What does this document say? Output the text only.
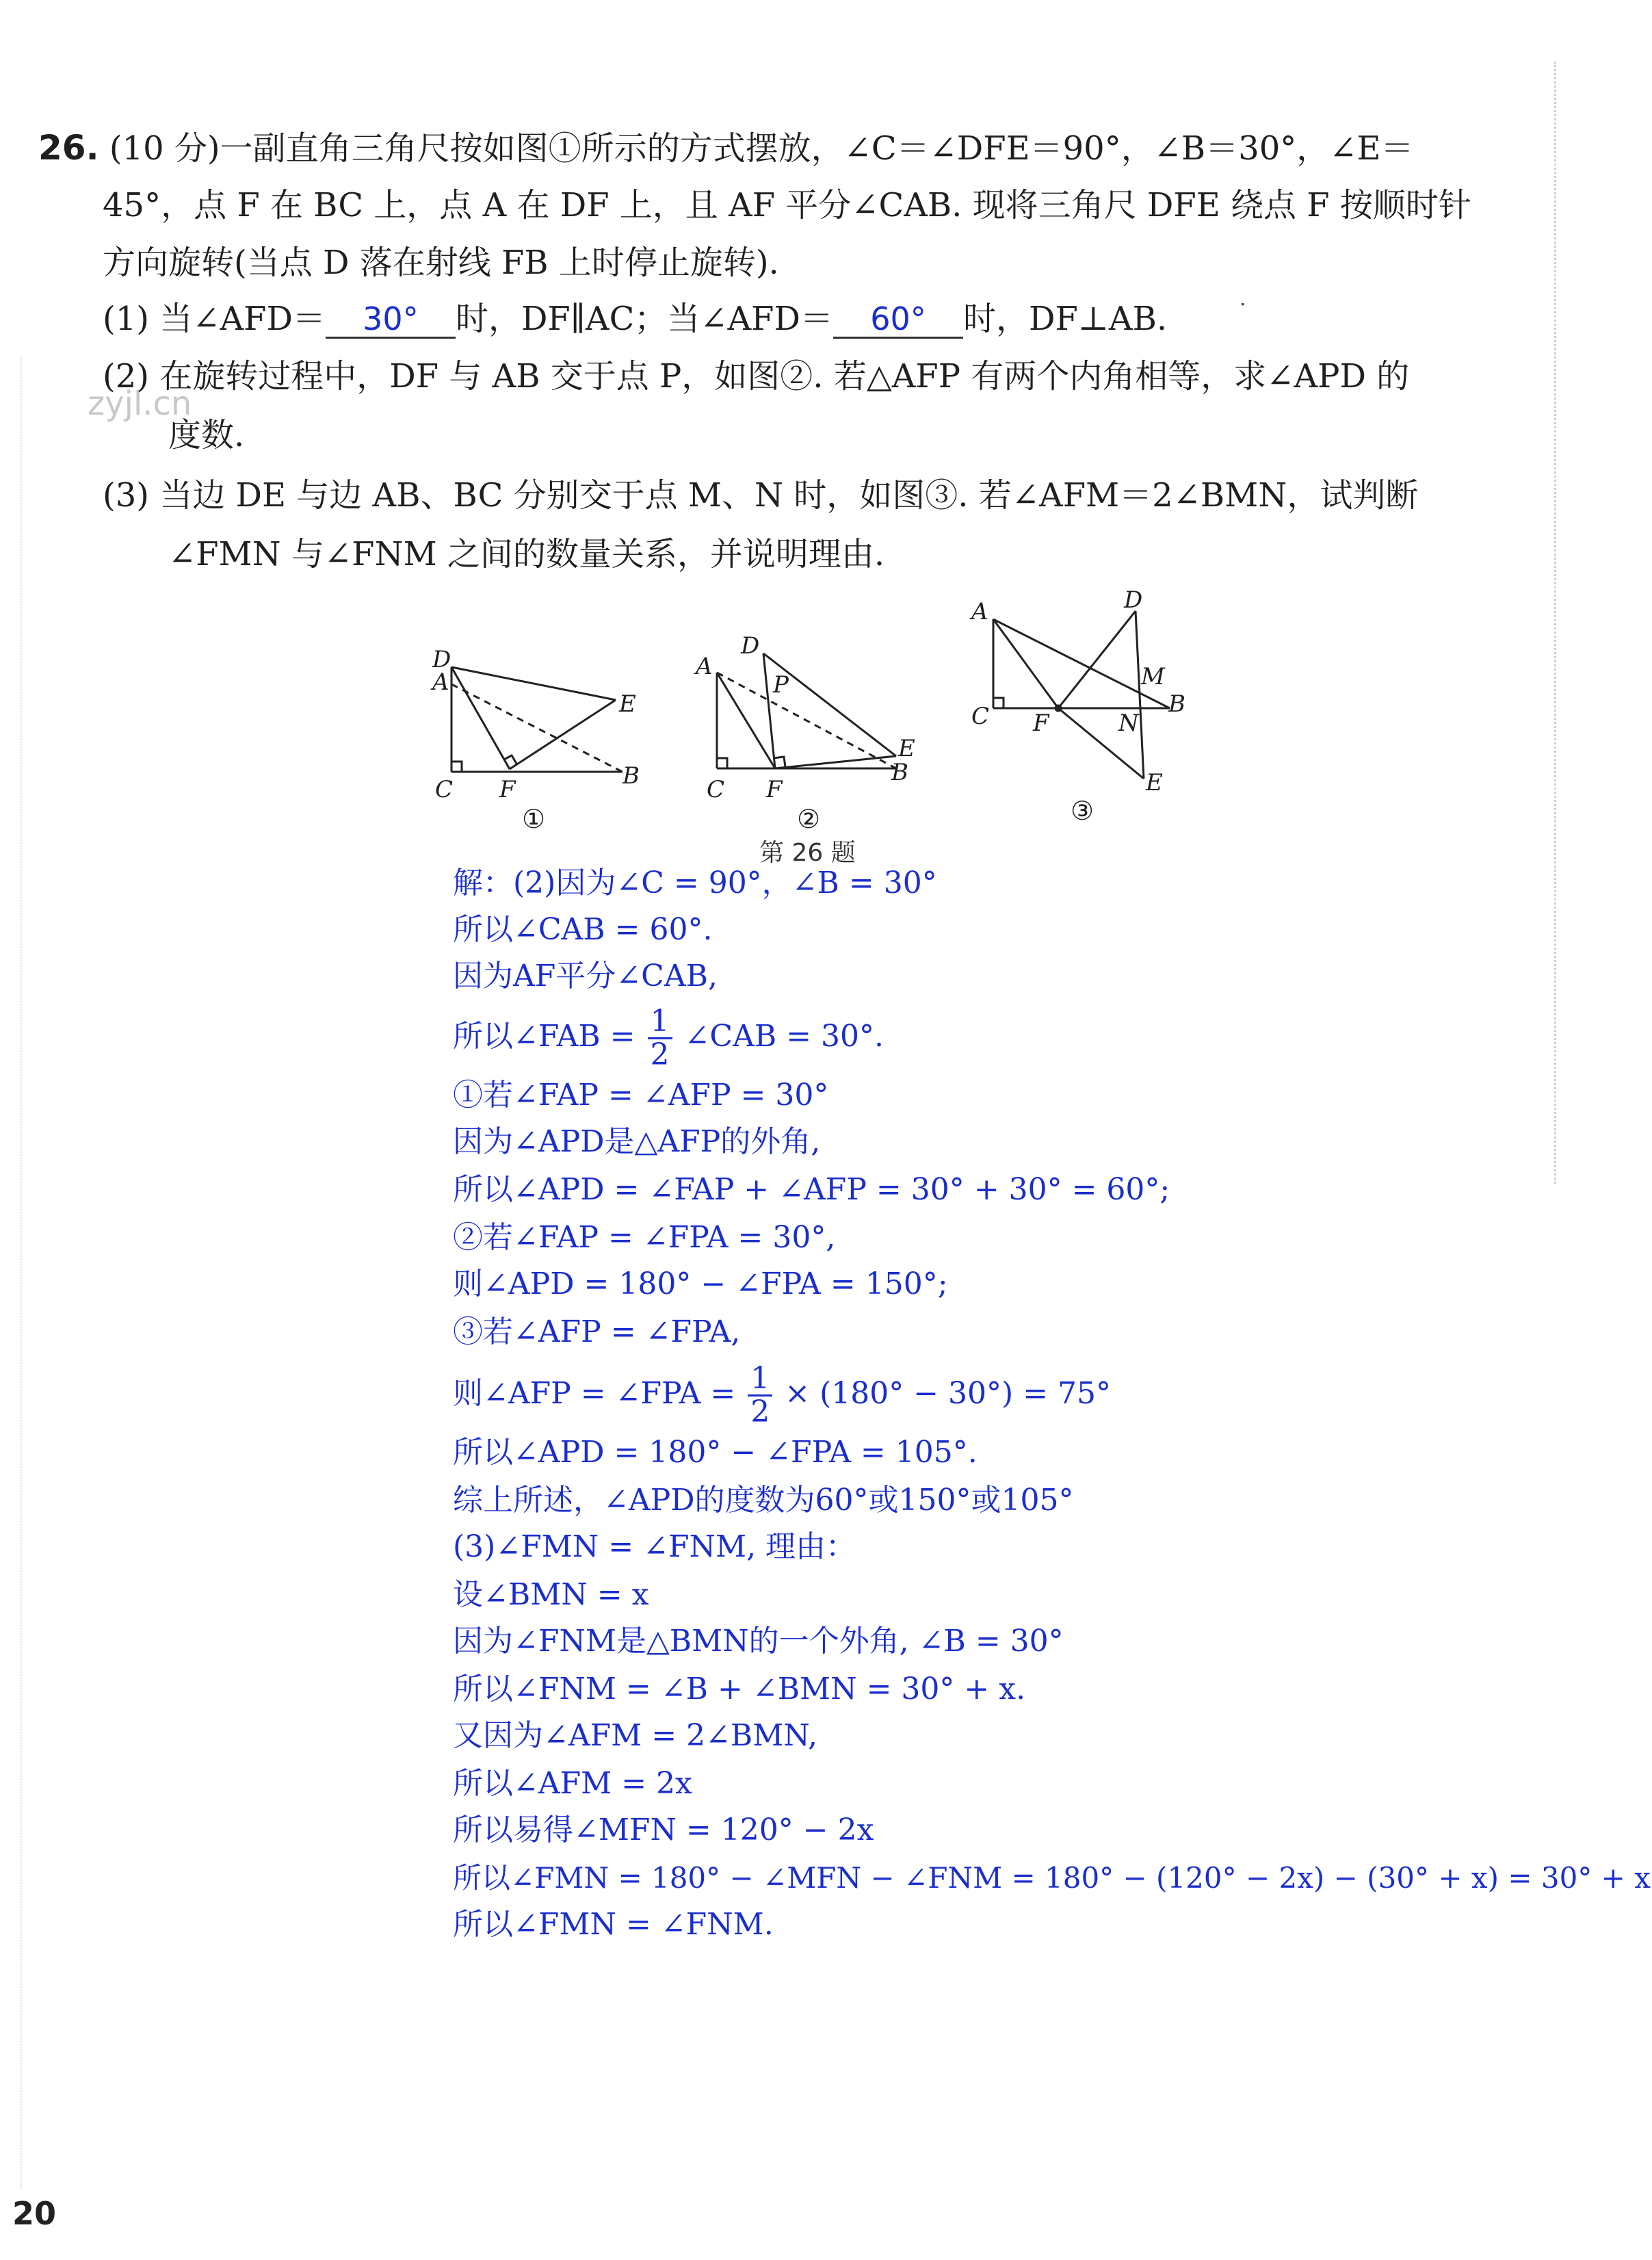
·
26. (10 分)一副直角三角尺按如图①所示的方式摆放，∠C＝∠DFE＝90°，∠B＝30°，∠E＝
45°，点 F 在 BC 上，点 A 在 DF 上，且 AF 平分∠CAB. 现将三角尺 DFE 绕点 F 按顺时针
方向旋转(当点 D 落在射线 FB 上时停止旋转).
(1) 当∠AFD＝ 30° 时，DF∥AC；当∠AFD＝ 60° 时，DF⊥AB.
zyjl.cn
(2) 在旋转过程中，DF 与 AB 交于点 P，如图②. 若△AFP 有两个内角相等，求∠APD 的
度数.
(3) 当边 DE 与边 AB、BC 分别交于点 M、N 时，如图③. 若∠AFM＝2∠BMN，试判断
∠FMN 与∠FNM 之间的数量关系，并说明理由.
D
A
E
C F	B
①
D
A
P
E
C F
B
②
A	D
M
C F	N
B
E
③
第 26 题
解：(2)因为∠C = 90°，∠B = 30°
所以∠CAB = 60°.
因为AF平分∠CAB,
所以∠FAB = $\frac{1}{2}$ ∠CAB = 30°.
①若∠FAP = ∠AFP = 30°
因为∠APD是△AFP的外角,
所以∠APD = ∠FAP + ∠AFP = 30° + 30° = 60°;
②若∠FAP = ∠FPA = 30°,
则∠APD = 180° − ∠FPA = 150°;
③若∠AFP = ∠FPA,
则∠AFP = ∠FPA = $\frac{1}{2} \times (180^\circ - 30^\circ) = 75^\circ$
所以∠APD = 180° − ∠FPA = 105°.
综上所述，∠APD的度数为60°或150°或105°
(3)∠FMN = ∠FNM, 理由：
设∠BMN = x
因为∠FNM是△BMN的一个外角, ∠B = 30°
所以∠FNM = ∠B + ∠BMN = 30° + x.
又因为∠AFM = 2∠BMN,
所以∠AFM = 2x
所以易得∠MFN = 120° − 2x
所以∠FMN = 180° − ∠MFN − ∠FNM = 180° − (120° − 2x) − (30° + x) = 30° + x
所以∠FMN = ∠FNM.
20
